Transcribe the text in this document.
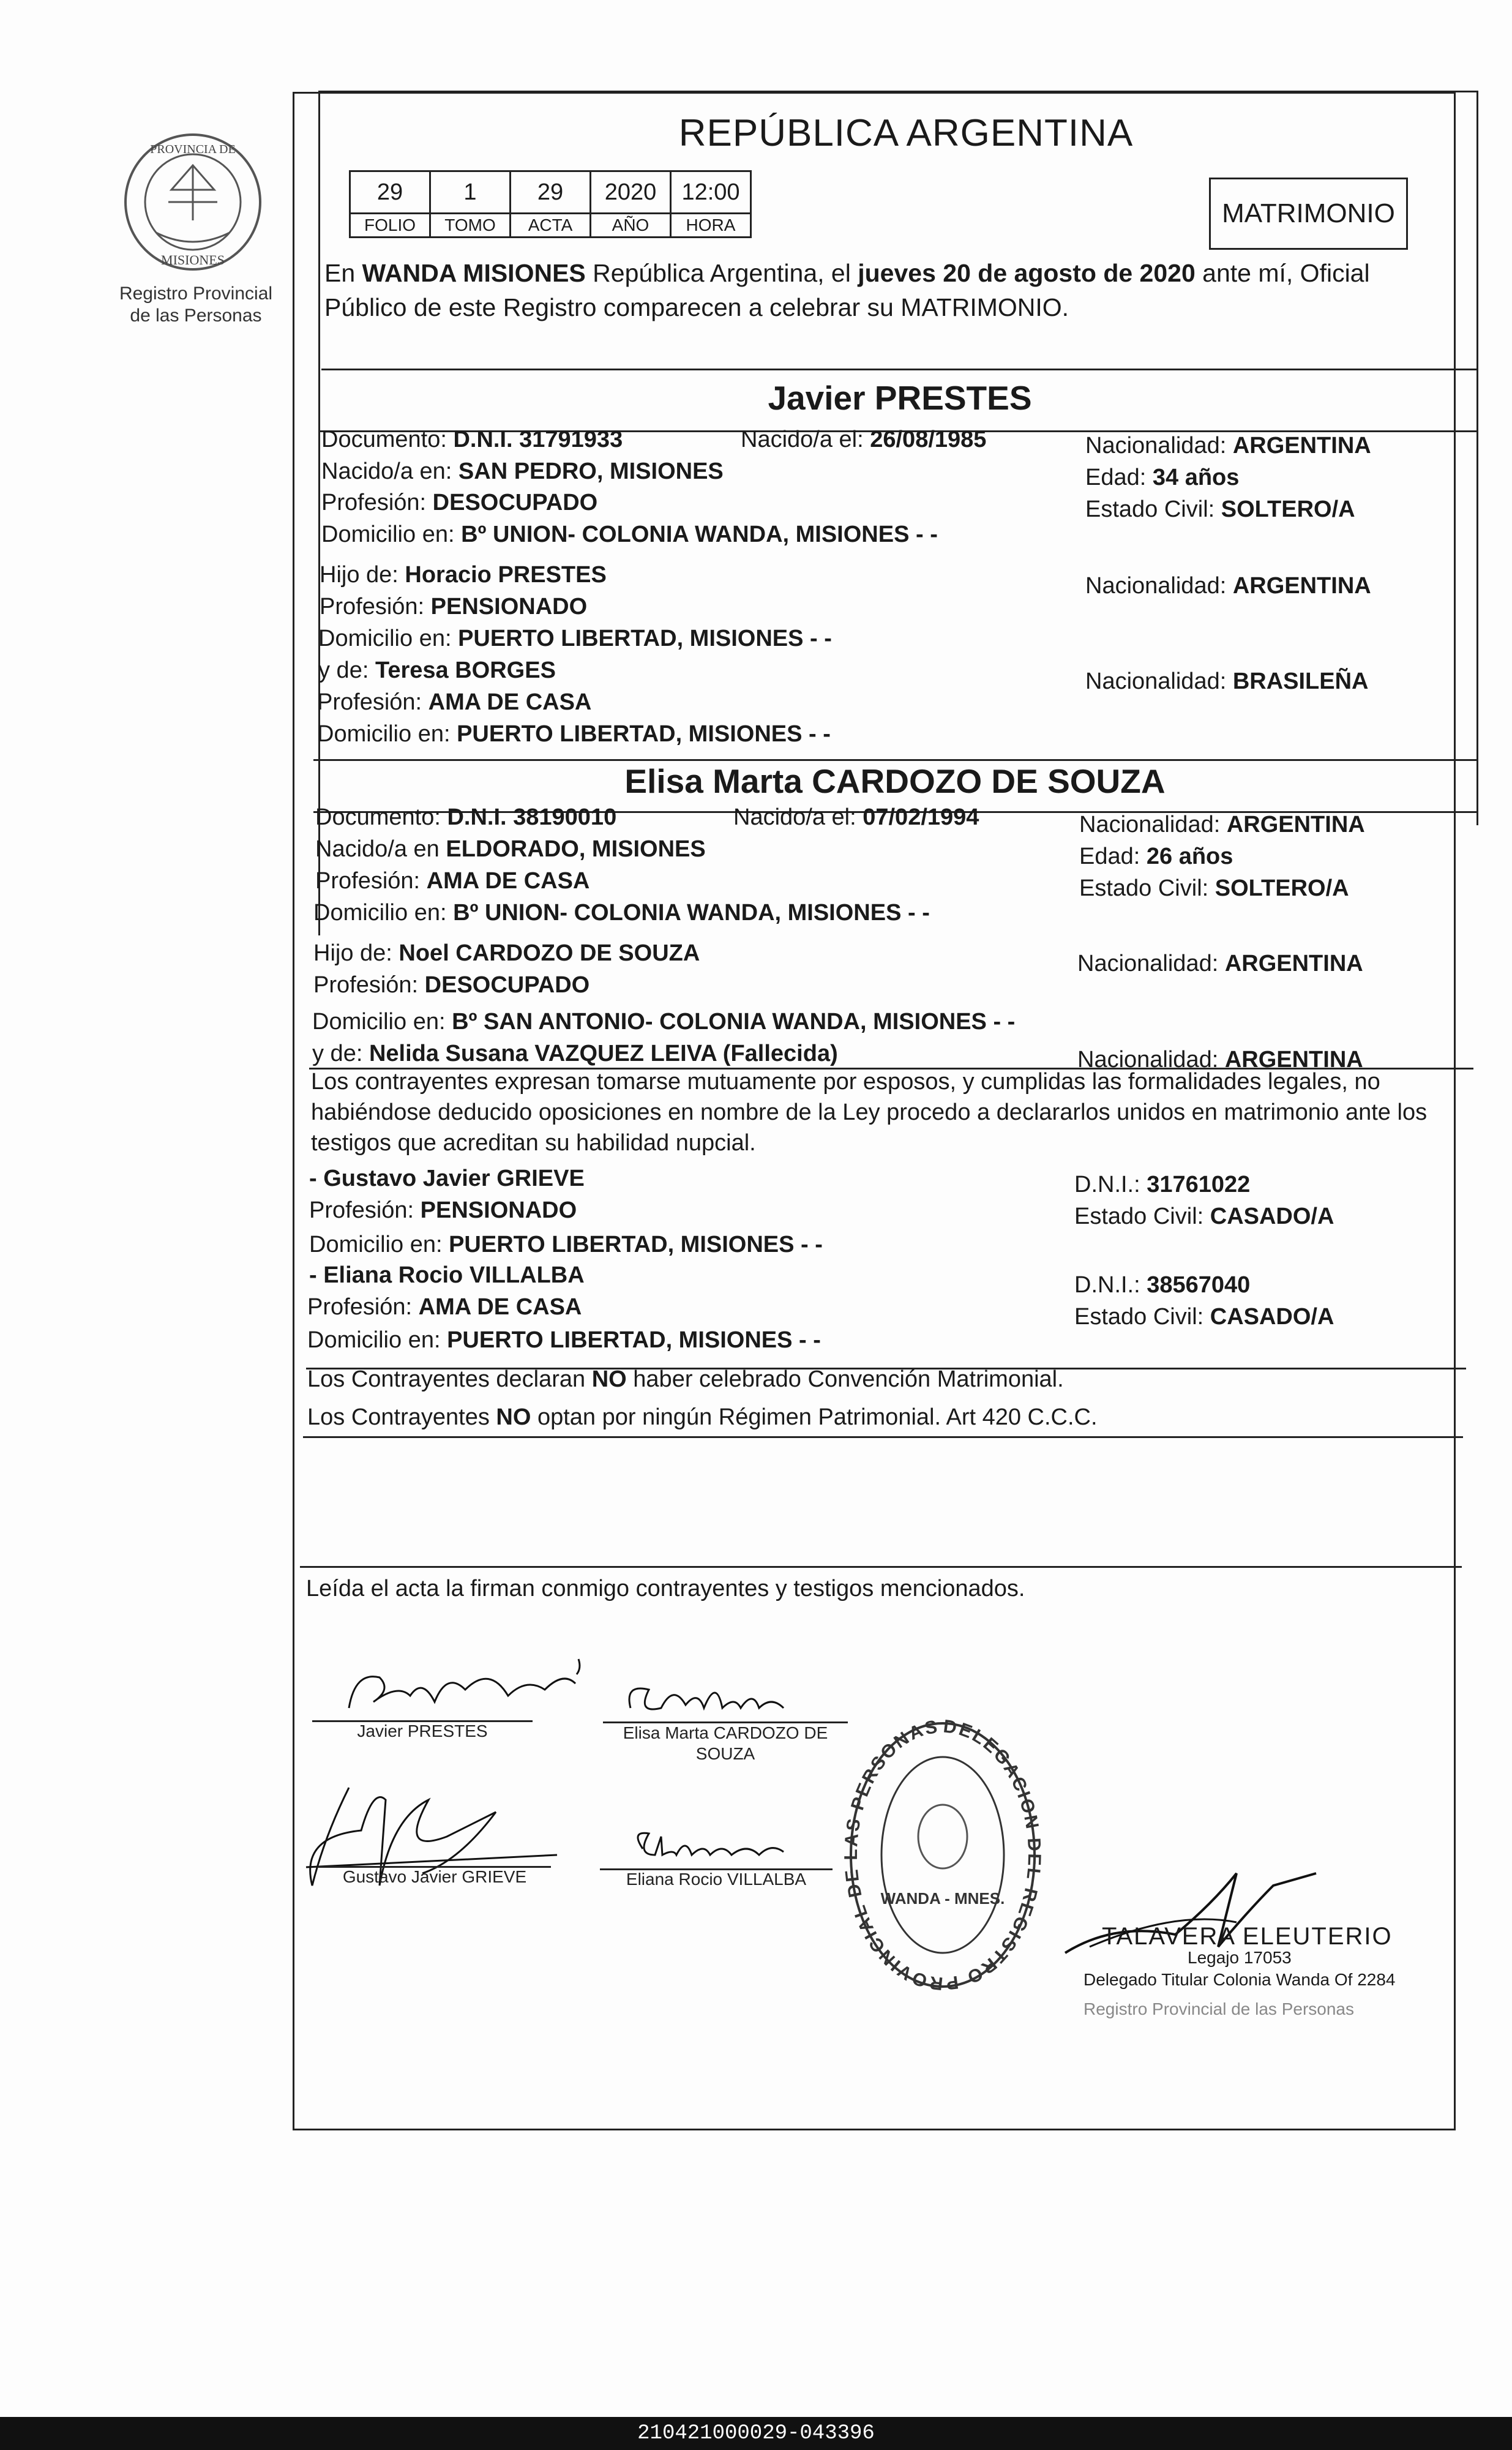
PROVINCIA DE
MISIONES
Registro Provincial
de las Personas
REPÚBLICA ARGENTINA
29	1	29	2020	12:00
FOLIO	TOMO	ACTA	AÑO	HORA	MATRIMONIO
En WANDA MISIONES República Argentina, el jueves 20 de agosto de 2020 ante mí, Oficial
Público de este Registro comparecen a celebrar su MATRIMONIO.
Javier PRESTES
Documento: D.N.I. 31791933	Nacido/a el: 26/08/1985	Nacionalidad: ARGENTINA
Nacido/a en: SAN PEDRO, MISIONES	Edad: 34 años
Profesión: DESOCUPADO	Estado Civil: SOLTERO/A
Domicilio en: Bº UNION- COLONIA WANDA, MISIONES - -
Hijo de: Horacio PRESTES	Nacionalidad: ARGENTINA
Profesión: PENSIONADO
Domicilio en: PUERTO LIBERTAD, MISIONES - -
y de: Teresa BORGES	Nacionalidad: BRASILEÑA
Profesión: AMA DE CASA
Domicilio en: PUERTO LIBERTAD, MISIONES - -
Elisa Marta CARDOZO DE SOUZA
Documento: D.N.I. 38190010	Nacido/a el: 07/02/1994	Nacionalidad: ARGENTINA
Nacido/a en ELDORADO, MISIONES	Edad: 26 años
Profesión: AMA DE CASA	Estado Civil: SOLTERO/A
Domicilio en: Bº UNION- COLONIA WANDA, MISIONES - -
Hijo de: Noel CARDOZO DE SOUZA	Nacionalidad: ARGENTINA
Profesión: DESOCUPADO
Domicilio en: Bº SAN ANTONIO- COLONIA WANDA, MISIONES - -
y de: Nelida Susana VAZQUEZ LEIVA (Fallecida)	Nacionalidad: ARGENTINA
Los contrayentes expresan tomarse mutuamente por esposos, y cumplidas las formalidades legales, no habiéndose deducido oposiciones en nombre de la Ley procedo a declararlos unidos en matrimonio ante los testigos que acreditan su habilidad nupcial.
- Gustavo Javier GRIEVE	D.N.I.: 31761022
Profesión: PENSIONADO	Estado Civil: CASADO/A
Domicilio en: PUERTO LIBERTAD, MISIONES - -
- Eliana Rocio VILLALBA	D.N.I.: 38567040
Profesión: AMA DE CASA	Estado Civil: CASADO/A
Domicilio en: PUERTO LIBERTAD, MISIONES - -
Los Contrayentes declaran NO haber celebrado Convención Matrimonial.
Los Contrayentes NO optan por ningún Régimen Patrimonial. Art 420 C.C.C.
Leída el acta la firman conmigo contrayentes y testigos mencionados.
Javier PRESTES	Elisa Marta CARDOZO DE
SOUZA
Gustavo Javier GRIEVE	Eliana Rocio VILLALBA
DELEGACION DEL REGISTRO PROVINCIAL DE LAS PERSONAS
WANDA - MNES.
TALAVERA ELEUTERIO
Legajo 17053
Delegado Titular Colonia Wanda Of 2284
Registro Provincial de las Personas
210421000029-043396
